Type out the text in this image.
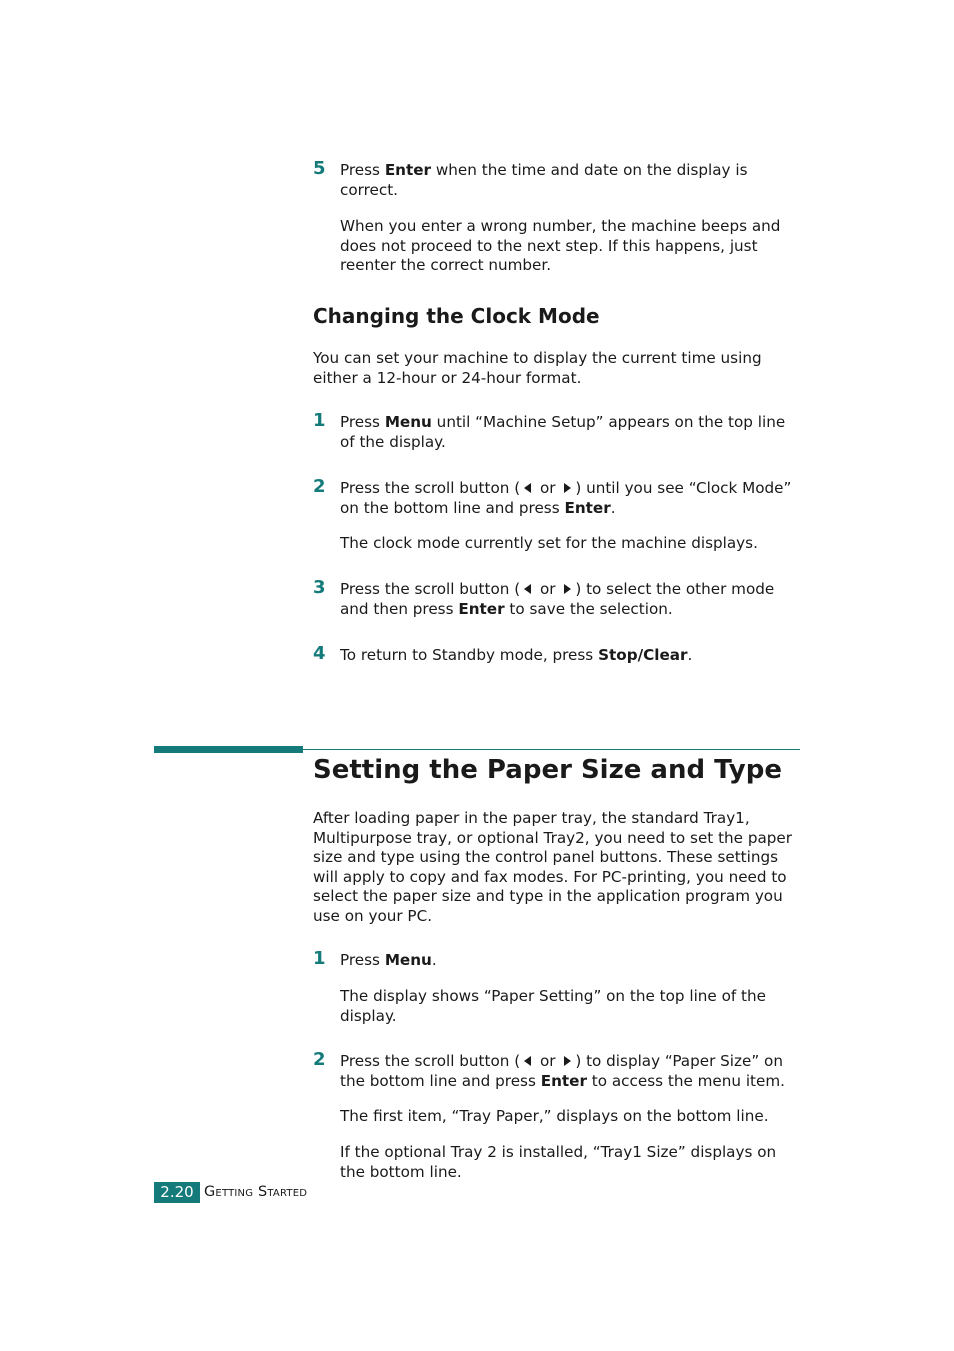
5 Press Enter when the time and date on the display is correct.
When you enter a wrong number, the machine beeps and does not proceed to the next step. If this happens, just reenter the correct number.
Changing the Clock Mode
You can set your machine to display the current time using either a 12-hour or 24-hour format.
1 Press Menu until “Machine Setup” appears on the top line of the display.
2 Press the scroll button ( or ) until you see “Clock Mode” on the bottom line and press Enter.
The clock mode currently set for the machine displays.
3 Press the scroll button ( or ) to select the other mode and then press Enter to save the selection.
4 To return to Standby mode, press Stop/Clear.
Setting the Paper Size and Type
After loading paper in the paper tray, the standard Tray1, Multipurpose tray, or optional Tray2, you need to set the paper size and type using the control panel buttons. These settings will apply to copy and fax modes. For PC-printing, you need to select the paper size and type in the application program you use on your PC.
1 Press Menu.
The display shows “Paper Setting” on the top line of the display.
2 Press the scroll button ( or ) to display “Paper Size” on the bottom line and press Enter to access the menu item.
The first item, “Tray Paper,” displays on the bottom line.
If the optional Tray 2 is installed, “Tray1 Size” displays on the bottom line.
2.20 Getting Started
